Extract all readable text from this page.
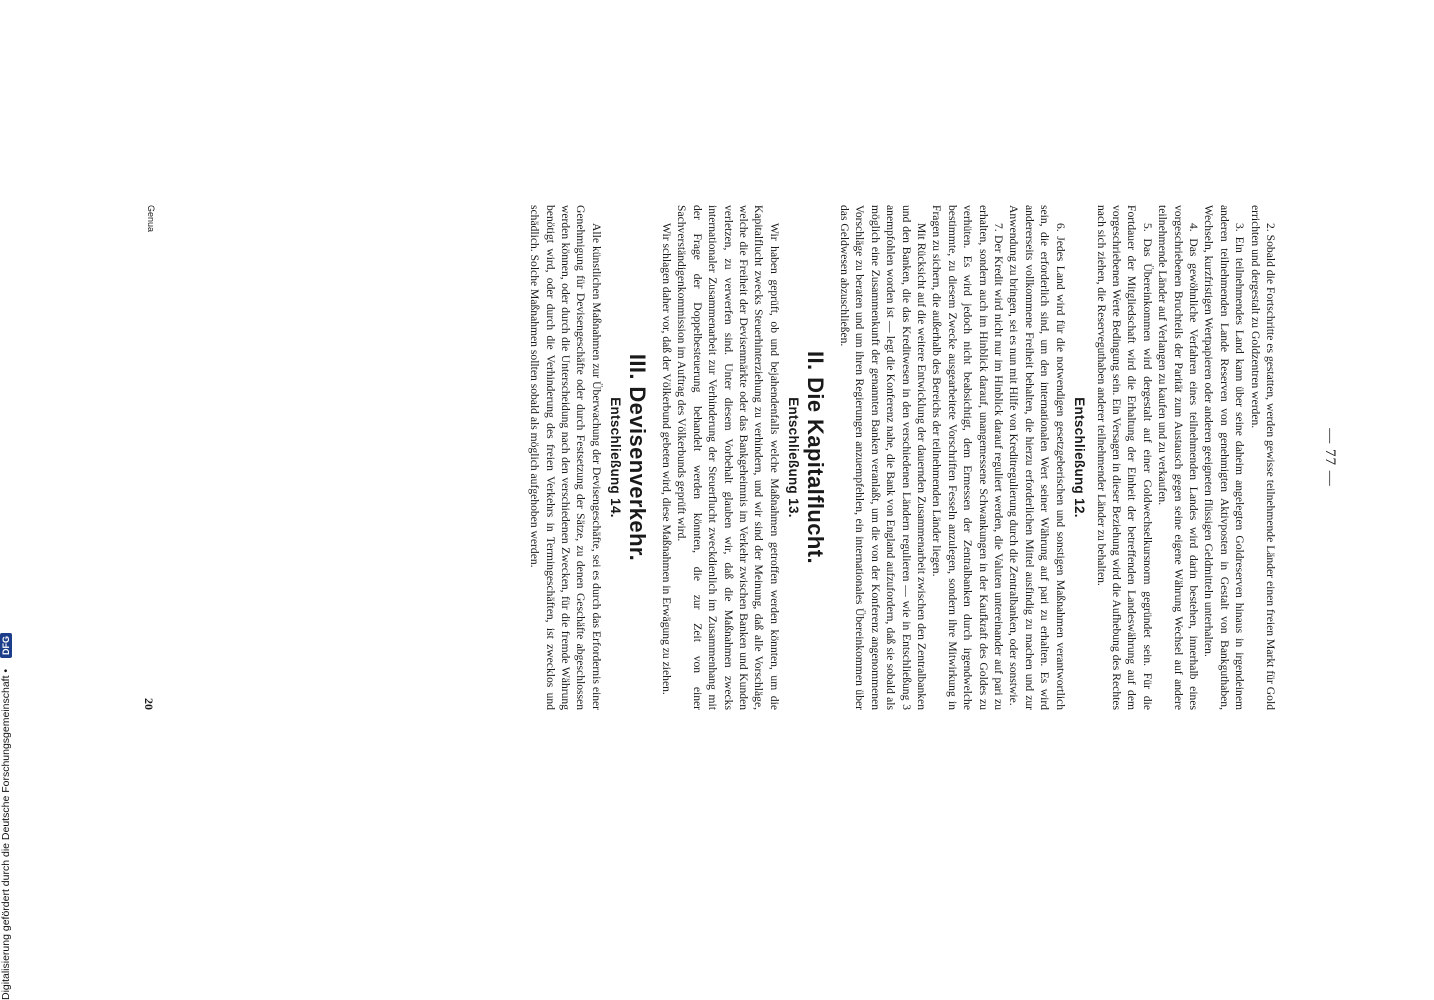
— 77 —

2. Sobald die Fortschritte es gestatten, werden gewisse teilnehmende Länder einen freien Markt für Gold errichten und dergestalt zu Goldzentren werden.

3. Ein teilnehmendes Land kann über seine daheim angelegten Goldreserven hinaus in irgendeinem anderen teilnehmenden Lande Reserven von genehmigten Aktivposten in Gestalt von Bankguthaben, Wechseln, kurzfristigen Wertpapieren oder anderen geeigneten flüssigen Geldmitteln unterhalten.

4. Das gewöhnliche Verfahren eines teilnehmenden Landes wird darin bestehen, innerhalb eines vorgeschriebenen Bruchteils der Parität zum Austausch gegen seine eigene Währung Wechsel auf andere teilnehmende Länder auf Verlangen zu kaufen und zu verkaufen.

5. Das Übereinkommen wird dergestalt auf einer Goldwechselkursnorm gegründet sein. Für die Fortdauer der Mitgliedschaft wird die Erhaltung der Einheit der betreffenden Landeswährung auf dem vorgeschriebenen Werte Bedingung sein. Ein Versagen in dieser Beziehung wird die Aufhebung des Rechtes nach sich ziehen, die Reserveguthaben anderer teilnehmender Länder zu behalten.

Entschließung 12.

6. Jedes Land wird für die notwendigen gesetzgeberischen und sonstigen Maßnahmen verantwortlich sein, die erforderlich sind, um den internationalen Wert seiner Währung auf pari zu erhalten. Es wird andererseits vollkommene Freiheit behalten, die hierzu erforderlichen Mittel ausfindig zu machen und zur Anwendung zu bringen, sei es nun mit Hilfe von Kreditregulierung durch die Zentralbanken, oder sonstwie.

7. Der Kredit wird nicht nur im Hinblick darauf reguliert werden, die Valuten untereinander auf pari zu erhalten, sondern auch im Hinblick darauf, unangemessene Schwankungen in der Kaufkraft des Goldes zu verhüten. Es wird jedoch nicht beabsichtigt, dem Ermessen der Zentralbanken durch irgendwelche bestimmte, zu diesem Zwecke ausgearbeitete Vorschriften Fesseln anzulegen, sondern ihre Mitwirkung in Fragen zu sichern, die außerhalb des Bereichs der teilnehmenden Länder liegen.

Mit Rücksicht auf die weitere Entwicklung der dauernden Zusammenarbeit zwischen den Zentralbanken und den Banken, die das Kreditwesen in den verschiedenen Ländern regulieren — wie in Entschließung 3 anempfohlen worden ist — legt die Konferenz nahe, die Bank von England aufzufordern, daß sie sobald als möglich eine Zusammenkunft der genannten Banken veranlaßt, um die von der Konferenz angenommenen Vorschläge zu beraten und um ihren Regierungen anzuempfehlen, ein internationales Übereinkommen über das Geldwesen abzuschließen.

II. Die Kapitalflucht.
Entschließung 13.

Wir haben geprüft, ob und bejahendenfalls welche Maßnahmen getroffen werden könnten, um die Kapitalflucht zwecks Steuerhinterziehung zu verhindern, und wir sind der Meinung, daß alle Vorschläge, welche die Freiheit der Devisenmärkte oder das Bankgeheimnis im Verkehr zwischen Banken und Kunden verletzen, zu verwerfen sind. Unter diesem Vorbehalt glauben wir, daß die Maßnahmen zwecks internationaler Zusammenarbeit zur Verhinderung der Steuerflucht zweckdienlich im Zusammenhang mit der Frage der Doppelbesteuerung behandelt werden könnten, die zur Zeit von einer Sachverständigenkommission im Auftrag des Völkerbunds geprüft wird.

Wir schlagen daher vor, daß der Völkerbund gebeten wird, diese Maßnahmen in Erwägung zu ziehen.

III. Devisenverkehr.
Entschließung 14.

Alle künstlichen Maßnahmen zur Überwachung der Devisengeschäfte, sei es durch das Erfordernis einer Genehmigung für Devisengeschäfte oder durch Festsetzung der Sätze, zu denen Geschäfte abgeschlossen werden können, oder durch die Unterscheidung nach den verschiedenen Zwecken, für die fremde Währung benötigt wird, oder durch die Verhinderung des freien Verkehrs in Termingeschäften, ist zwecklos und schädlich. Solche Maßnahmen sollten sobald als möglich aufgehoben werden.

Genua
20
Digitalisierung gefördert durch die Deutsche Forschungsgemeinschaft • DFG
